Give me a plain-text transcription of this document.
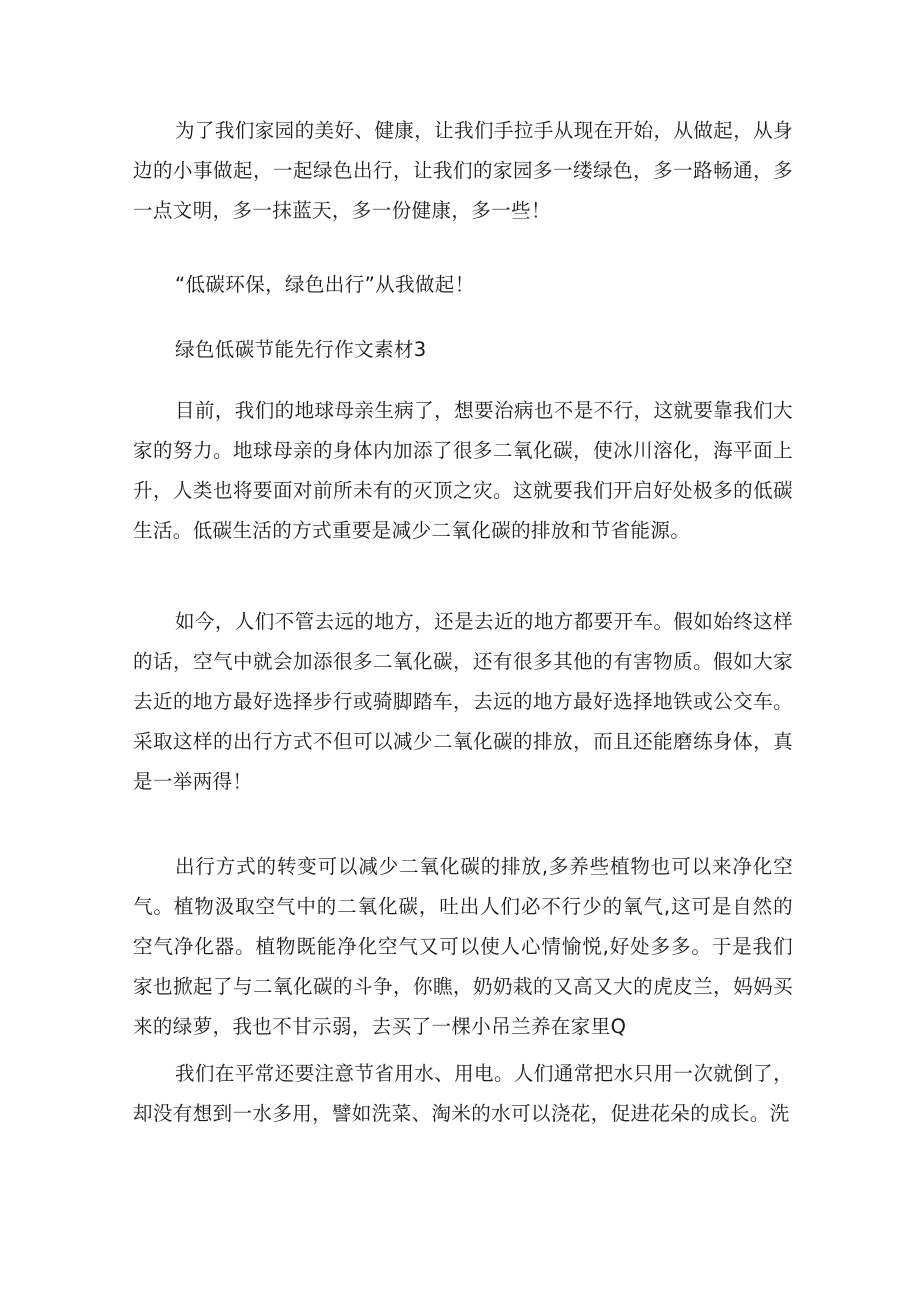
为了我们家园的美好、健康，让我们手拉手从现在开始，从做起，从身边的小事做起，一起绿色出行，让我们的家园多一缕绿色，多一路畅通，多一点文明，多一抹蓝天，多一份健康，多一些！

“低碳环保，绿色出行”从我做起！

绿色低碳节能先行作文素材3

目前，我们的地球母亲生病了，想要治病也不是不行，这就要靠我们大家的努力。地球母亲的身体内加添了很多二氧化碳，使冰川溶化，海平面上升，人类也将要面对前所未有的灭顶之灾。这就要我们开启好处极多的低碳生活。低碳生活的方式重要是减少二氧化碳的排放和节省能源。

如今，人们不管去远的地方，还是去近的地方都要开车。假如始终这样的话，空气中就会加添很多二氧化碳，还有很多其他的有害物质。假如大家去近的地方最好选择步行或骑脚踏车，去远的地方最好选择地铁或公交车。采取这样的出行方式不但可以减少二氧化碳的排放，而且还能磨练身体，真是一举两得！

出行方式的转变可以减少二氧化碳的排放,多养些植物也可以来净化空气。植物汲取空气中的二氧化碳，吐出人们必不行少的氧气,这可是自然的空气净化器。植物既能净化空气又可以使人心情愉悦,好处多多。于是我们家也掀起了与二氧化碳的斗争，你瞧，奶奶栽的又高又大的虎皮兰，妈妈买来的绿萝，我也不甘示弱，去买了一棵小吊兰养在家里Q

我们在平常还要注意节省用水、用电。人们通常把水只用一次就倒了，却没有想到一水多用，譬如洗菜、淘米的水可以浇花，促进花朵的成长。洗
